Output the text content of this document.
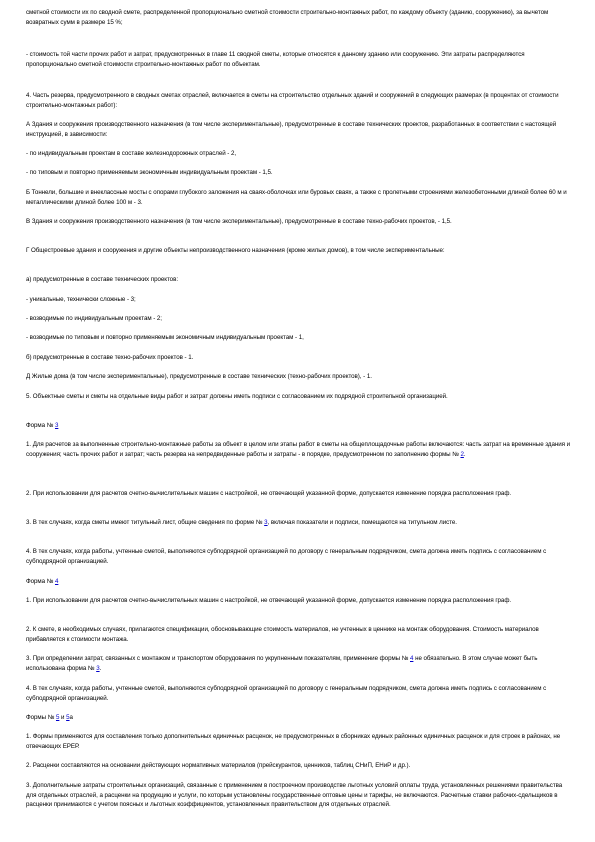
сметной стоимости их по сводной смете, распределенной пропорционально сметной стоимости строительно-монтажных работ, по каждому объекту (зданию, сооружению), за вычетом возвратных сумм в размере 15 %;

- стоимость той части прочих работ и затрат, предусмотренных в главе 11 сводной сметы, которые относятся к данному зданию или сооружению. Эти затраты распределяются пропорционально сметной стоимости строительно-монтажных работ по объектам.

4. Часть резерва, предусмотренного в сводных сметах отраслей, включается в сметы на строительство отдельных зданий и сооружений в следующих размерах (в процентах от стоимости строительно-монтажных работ):

А Здания и сооружения производственного назначения (в том числе экспериментальные), предусмотренные в составе технических проектов, разработанных в соответствии с настоящей инструкцией, в зависимости:

- по индивидуальным проектам в составе железнодорожных отраслей - 2,

- по типовым и повторно применяемым экономичным индивидуальным проектам - 1,5.

Б Тоннели, большие и внеклассные мосты с опорами глубокого заложения на сваях-оболочках или буровых сваях, а также с пролетными строениями железобетонными длиной более 60 м и металлическими длиной более 100 м - 3.

В Здания и сооружения производственного назначения (в том числе экспериментальные), предусмотренные в составе техно-рабочих проектов, - 1,5.

Г Общестроевые здания и сооружения и другие объекты непроизводственного назначения (кроме жилых домов), в том числе экспериментальные:

а) предусмотренные в составе технических проектов:

- уникальные, технически сложные - 3;

- возводимые по индивидуальным проектам - 2;

- возводимые по типовым и повторно применяемым экономичным индивидуальным проектам - 1,

б) предусмотренные в составе техно-рабочих проектов - 1.

Д Жилые дома (в том числе экспериментальные), предусмотренные в составе технических (техно-рабочих проектов), - 1.

5. Объектные сметы и сметы на отдельные виды работ и затрат должны иметь подписи с согласованием их подрядной строительной организацией.

Форма № 3

1. Для расчетов за выполненные строительно-монтажные работы за объект в целом или этапы работ в сметы на общеплощадочные работы включаются: часть затрат на временные здания и сооружения; часть прочих работ и затрат; часть резерва на непредвиденные работы и затраты - в порядке, предусмотренном по заполнению формы № 2.

2. При использовании для расчетов счетно-вычислительных машин с настройкой, не отвечающей указанной форме, допускается изменение порядка расположения граф.

3. В тех случаях, когда сметы имеют титульный лист, общие сведения по форме № 3, включая показатели и подписи, помещаются на титульном листе.

4. В тех случаях, когда работы, учтенные сметой, выполняются субподрядной организацией по договору с генеральным подрядчиком, смета должна иметь подпись с согласованием с субподрядной организацией.

Форма № 4

1. При использовании для расчетов счетно-вычислительных машин с настройкой, не отвечающей указанной форме, допускается изменение порядка расположения граф.

2. К смете, в необходимых случаях, прилагаются спецификации, обосновывающие стоимость материалов, не учтенных в ценнике на монтаж оборудования. Стоимость материалов прибавляется к стоимости монтажа.

3. При определении затрат, связанных с монтажом и транспортом оборудования по укрупненным показателям, применение формы № 4 не обязательно. В этом случае может быть использована форма № 3.

4. В тех случаях, когда работы, учтенные сметой, выполняются субподрядной организацией по договору с генеральным подрядчиком, смета должна иметь подпись с согласованием с субподрядной организацией.

Формы № 5 и 5а

1. Формы применяются для составления только дополнительных единичных расценок, не предусмотренных в сборниках единых районных единичных расценок и для строек в районах, не отвечающих ЕРЕР.

2. Расценки составляются на основании действующих нормативных материалов (прейскурантов, ценников, таблиц СНиП, ЕНиР и др.).

3. Дополнительные затраты строительных организаций, связанные с применением в построечном производстве льготных условий оплаты труда, установленных решениями правительства для отдельных отраслей, а расценки на продукцию и услуги, по которым установлены государственные оптовые цены и тарифы, не включаются. Расчетные ставки рабочих-сдельщиков в расценки принимаются с учетом поясных и льготных коэффициентов, установленных правительством для отдельных отраслей.
